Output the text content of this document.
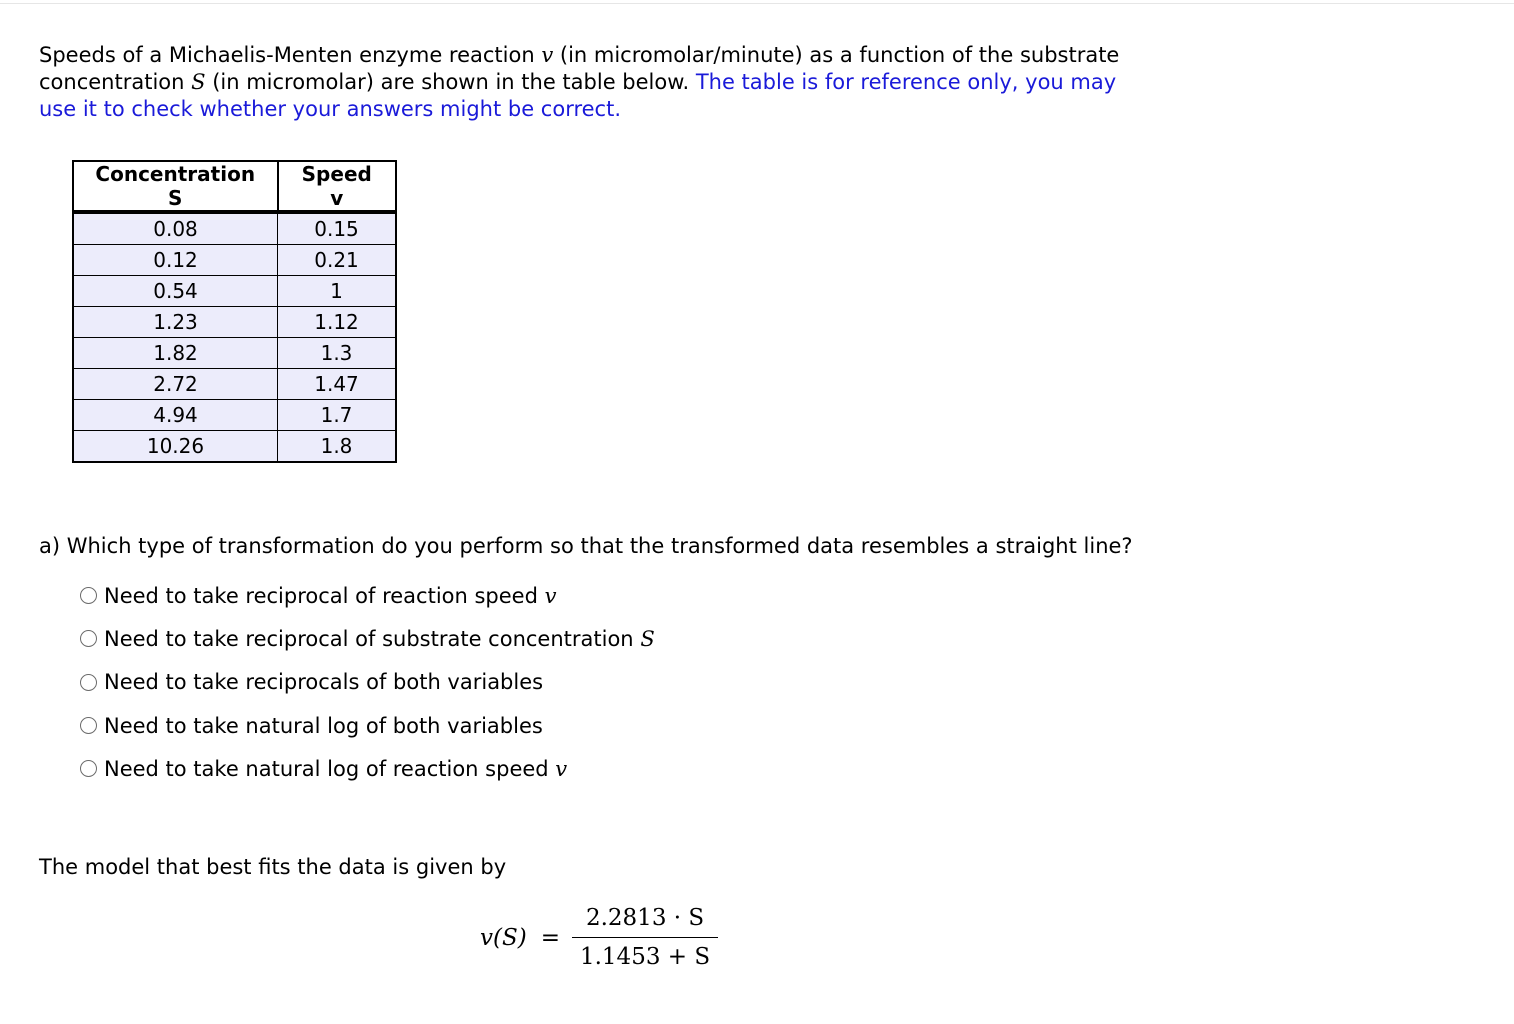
Speeds of a Michaelis-Menten enzyme reaction v (in micromolar/minute) as a function of the substrate concentration S (in micromolar) are shown in the table below. The table is for reference only, you may use it to check whether your answers might be correct.
Concentration S	Speed v
0.08	0.15
0.12	0.21
0.54	1
1.23	1.12
1.82	1.3
2.72	1.47
4.94	1.7
10.26	1.8
a) Which type of transformation do you perform so that the transformed data resembles a straight line?
Need to take reciprocal of reaction speed
v
Need to take reciprocal of substrate concentration
S
Need to take reciprocals of both variables
Need to take natural log of both variables
Need to take natural log of reaction speed
v
The model that best fits the data is given by
$v(S) = \frac{2.2813 \cdot S}{1.1453 + S}$
